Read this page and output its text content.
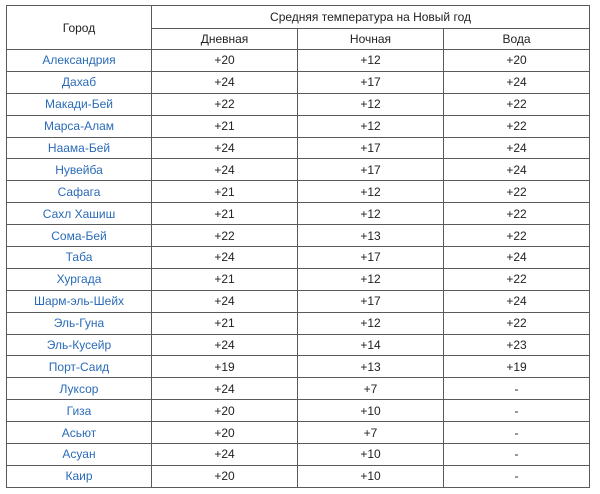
Город	Средняя температура на Новый год		
	Дневная	Ночная	Вода
Александрия	+20	+12	+20
Дахаб	+24	+17	+24
Макади-Бей	+22	+12	+22
Марса-Алам	+21	+12	+22
Наама-Бей	+24	+17	+24
Нувейба	+24	+17	+24
Сафага	+21	+12	+22
Сахл Хашиш	+21	+12	+22
Сома-Бей	+22	+13	+22
Таба	+24	+17	+24
Хургада	+21	+12	+22
Шарм-эль-Шейх	+24	+17	+24
Эль-Гуна	+21	+12	+22
Эль-Кусейр	+24	+14	+23
Порт-Саид	+19	+13	+19
Луксор	+24	+7	-
Гиза	+20	+10	-
Асьют	+20	+7	-
Асуан	+24	+10	-
Каир	+20	+10	-
